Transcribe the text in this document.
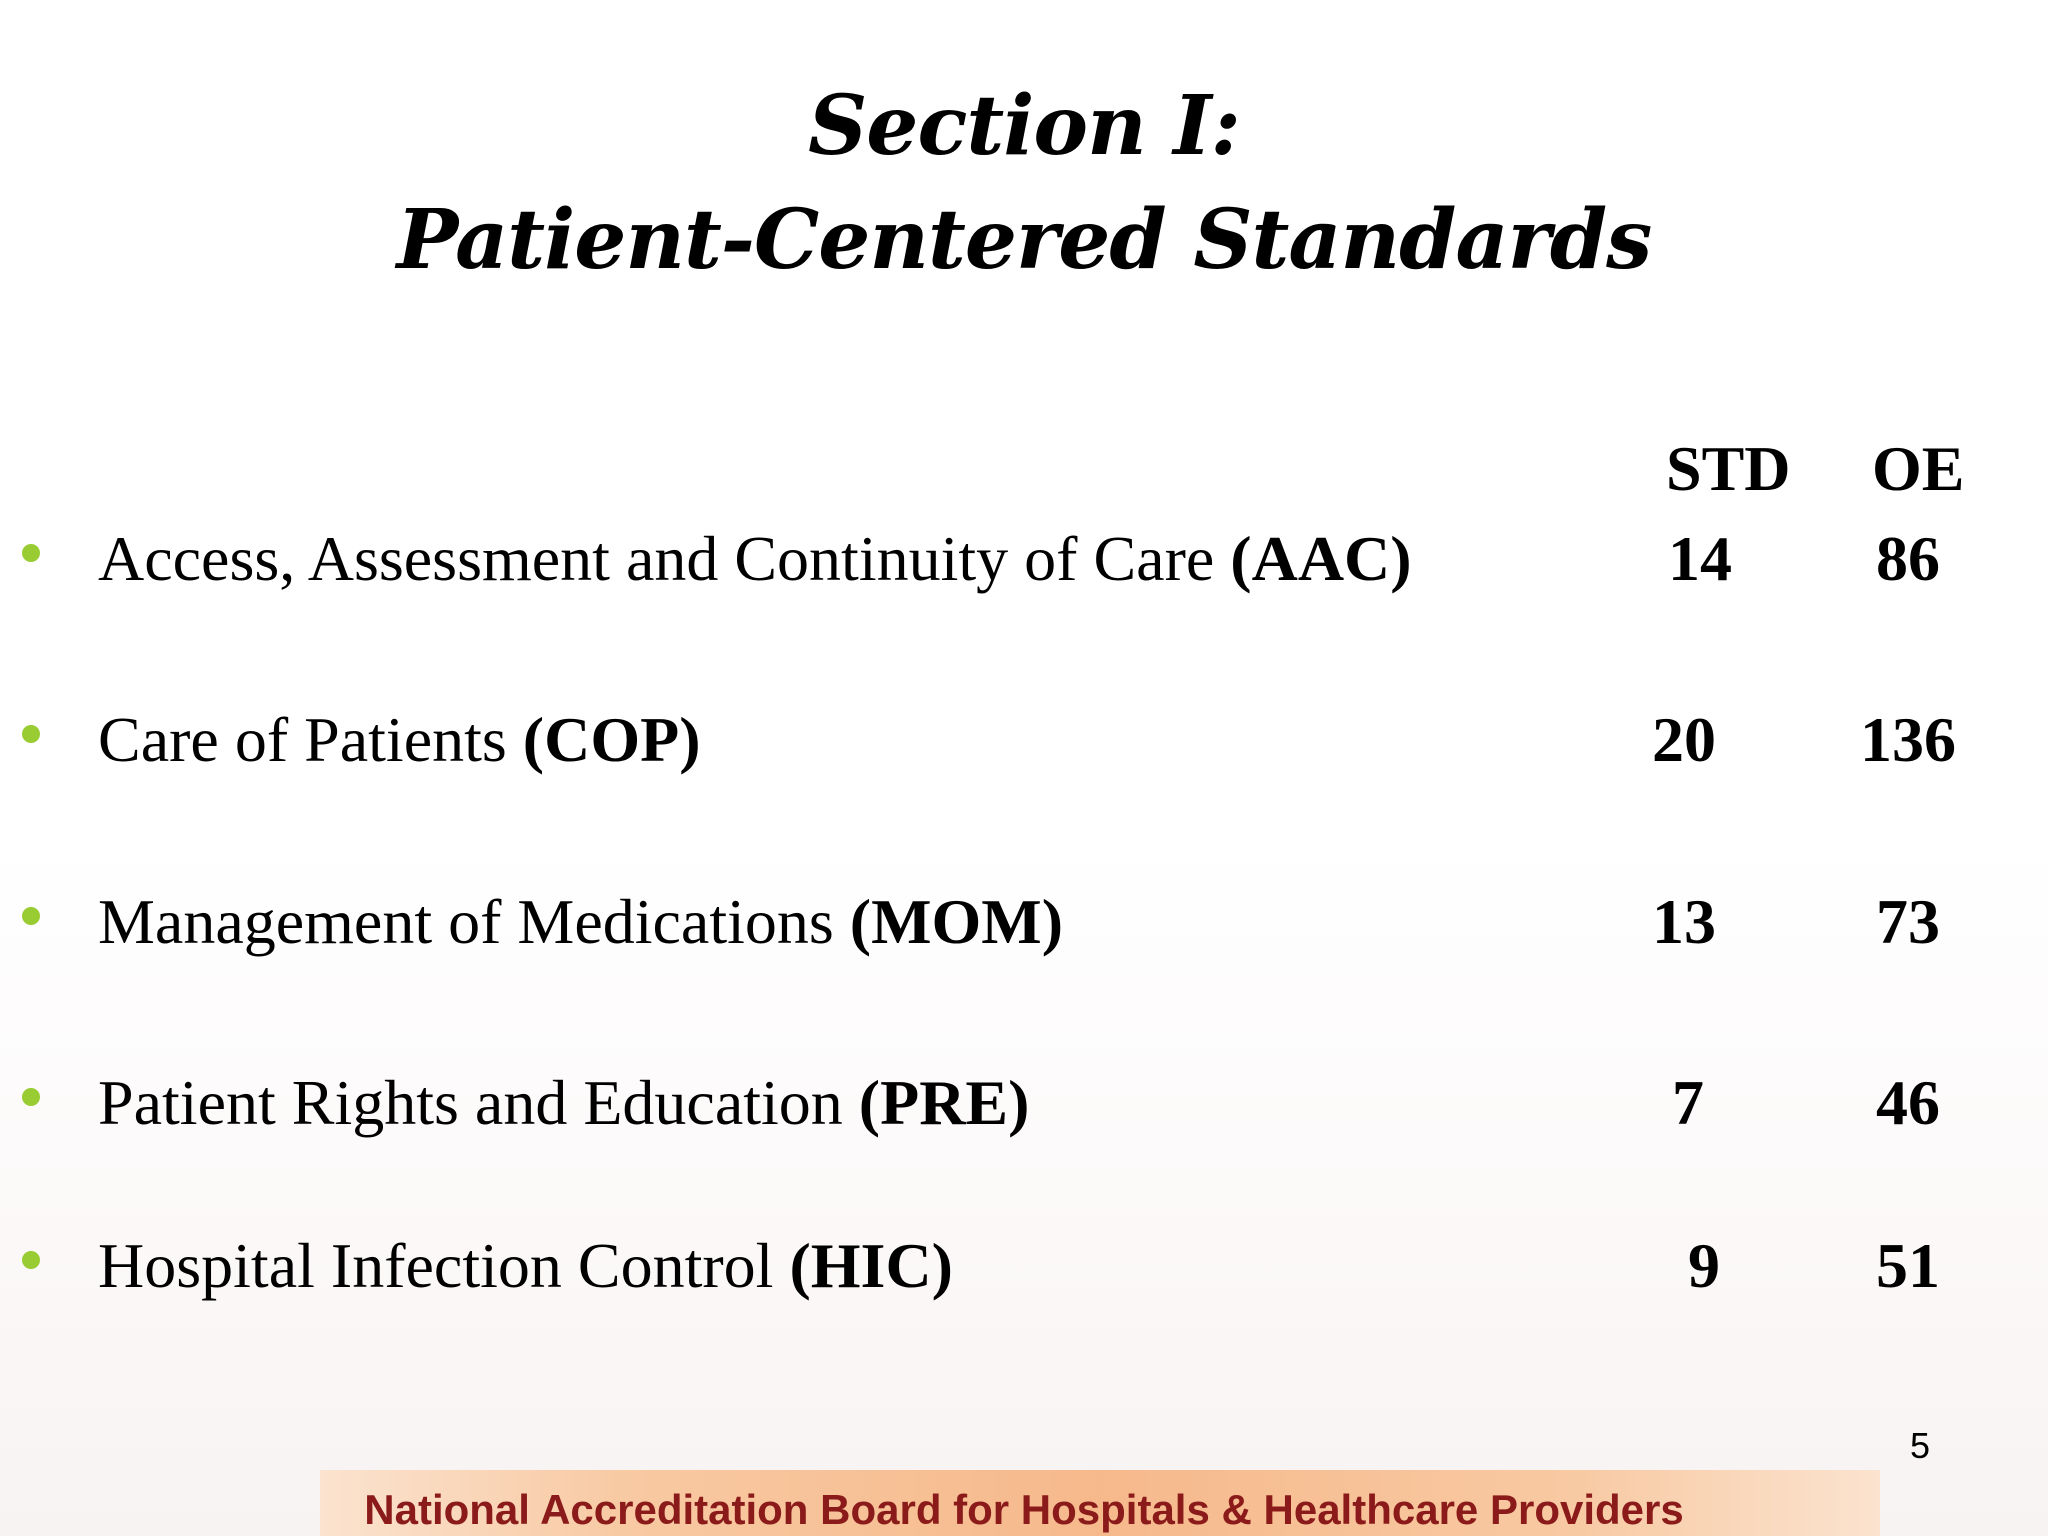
Section I:
Patient-Centered Standards
STD OE
Access, Assessment and Continuity of Care (AAC)	14	86
Care of Patients (COP)	20	136
Management of Medications (MOM)	13	73
Patient Rights and Education (PRE)	7	46
Hospital Infection Control (HIC)	9	51
5
National Accreditation Board for Hospitals & Healthcare Providers
